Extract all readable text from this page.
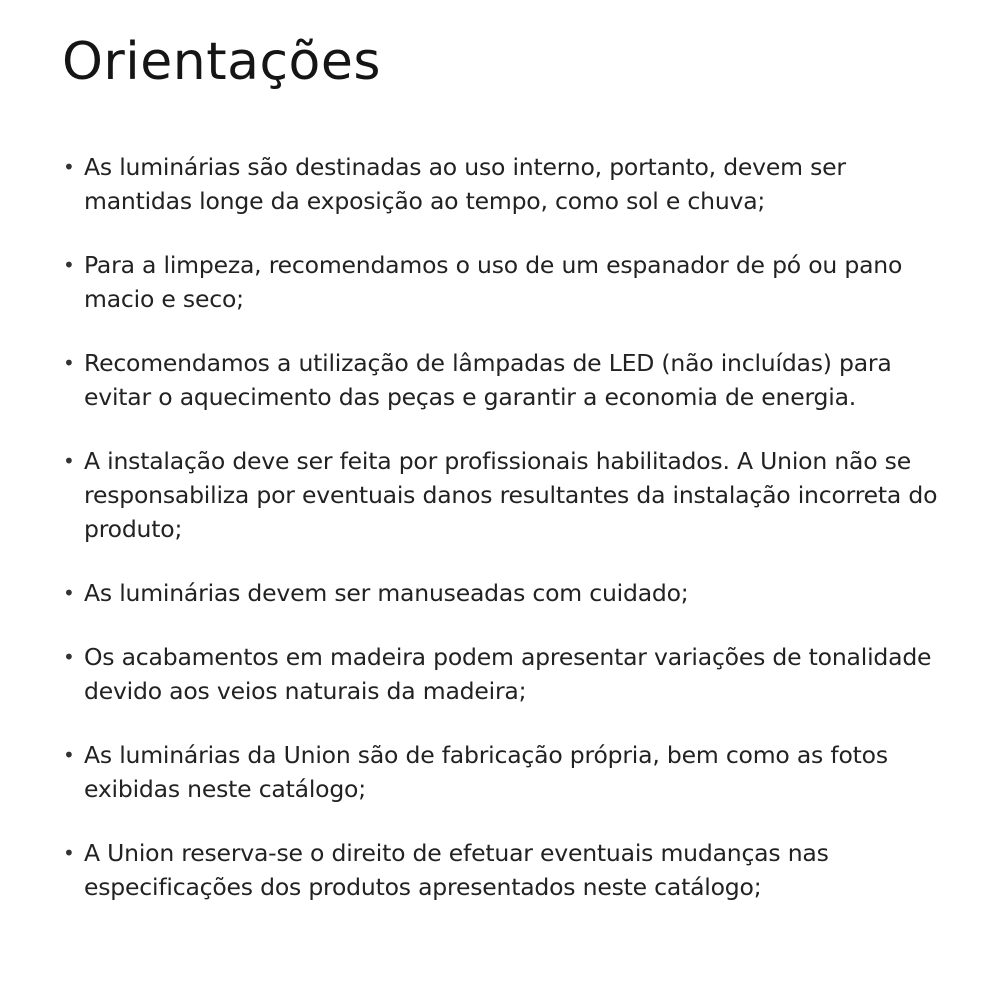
Orientações
• As luminárias são destinadas ao uso interno, portanto, devem ser mantidas longe da exposição ao tempo, como sol e chuva;
• Para a limpeza, recomendamos o uso de um espanador de pó ou pano macio e seco;
• Recomendamos a utilização de lâmpadas de LED (não incluídas) para evitar o aquecimento das peças e garantir a economia de energia.
• A instalação deve ser feita por profissionais habilitados. A Union não se responsabiliza por eventuais danos resultantes da instalação incorreta do produto;
• As luminárias devem ser manuseadas com cuidado;
• Os acabamentos em madeira podem apresentar variações de tonalidade devido aos veios naturais da madeira;
• As luminárias da Union são de fabricação própria, bem como as fotos exibidas neste catálogo;
• A Union reserva-se o direito de efetuar eventuais mudanças nas especificações dos produtos apresentados neste catálogo;
